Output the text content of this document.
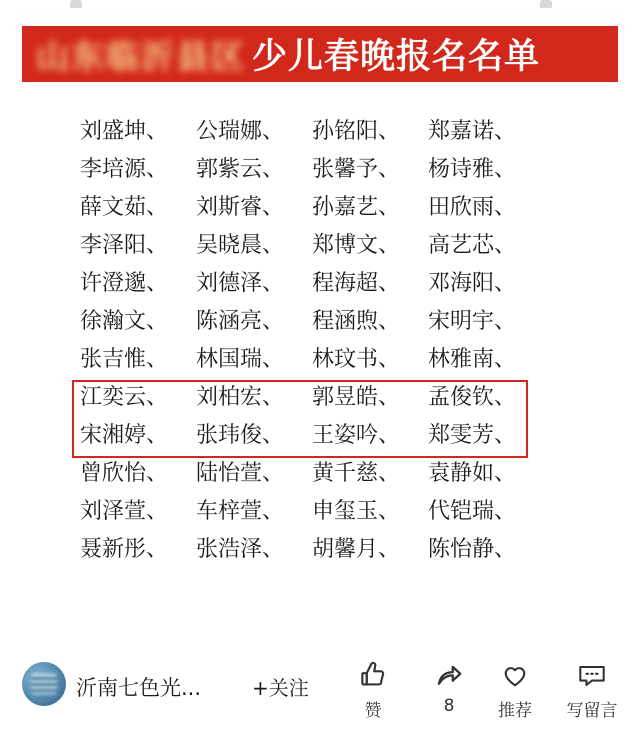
山东临沂县区 少儿春晚报名名单
刘盛坤、	公瑞娜、	孙铭阳、	郑嘉诺、
李培源、	郭紫云、	张馨予、	杨诗雅、
薛文茹、	刘斯睿、	孙嘉艺、	田欣雨、
李泽阳、	吴晓晨、	郑博文、	高艺芯、
许澄邈、	刘德泽、	程海超、	邓海阳、
徐瀚文、	陈涵亮、	程涵煦、	宋明宇、
张吉惟、	林国瑞、	林玟书、	林雅南、
江奕云、	刘柏宏、	郭昱皓、	孟俊钦、
宋湘婷、	张玮俊、	王姿吟、	郑雯芳、
曾欣怡、	陆怡萱、	黄千慈、	袁静如、
刘泽萱、	车梓萱、	申玺玉、	代铠瑞、
聂新彤、	张浩泽、	胡馨月、	陈怡静、
沂南七色光...	+关注
赞	8	推荐	写留言
